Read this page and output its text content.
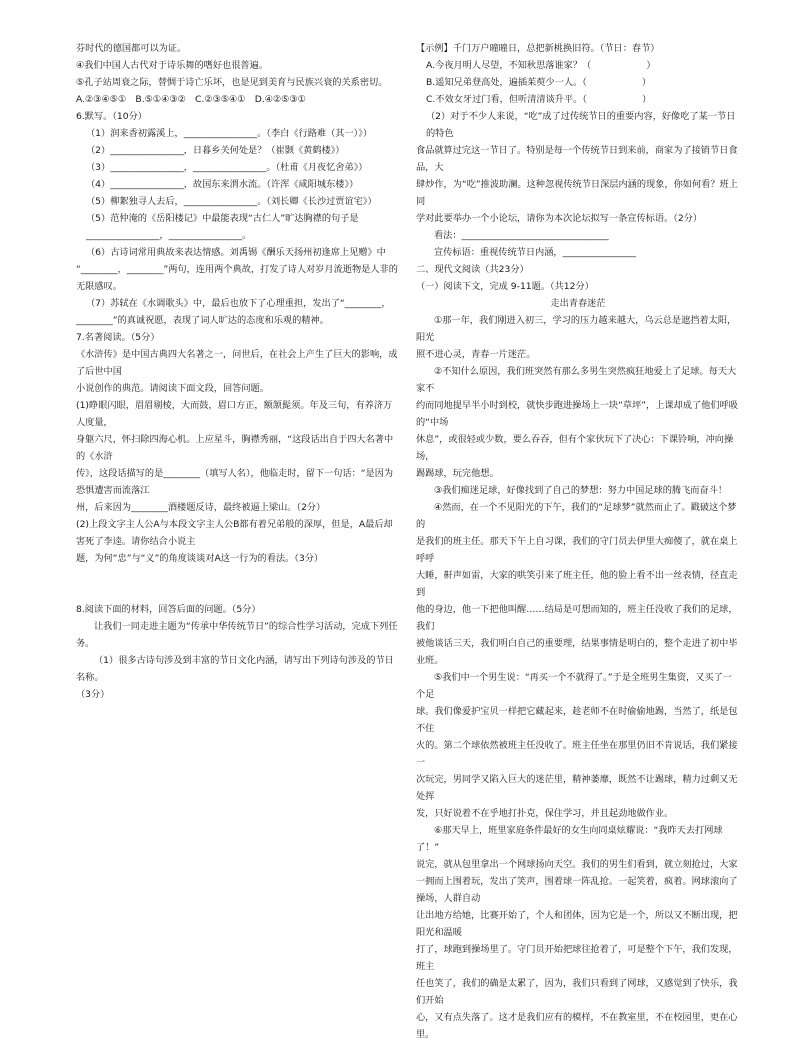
芬时代的德国都可以为证。

④我们中国人古代对于诗乐舞的嗜好也很普遍。

⑤孔子站周衰之际，替惆于诗亡乐坏，也是见到美育与民族兴衰的关系密切。

A.②③④⑤①　B.⑤①④③②　C.②③⑤④①　D.④②⑤③①

6.默写。（10分）

（1）润来香初露溪上，________________。（李白《行路难（其一）》）

（2）________________，日暮乡关何处是？（崔颢《黄鹤楼》）

（3）________________，________________。（杜甫《月夜忆舍弟》）

（4）________________，故国东来渭水流。（许浑《咸阳城东楼》）

（5）柳絮独寻人去后，________________。（刘长卿《长沙过贾谊宅》）

（5）范仲淹的《岳阳楼记》中最能表现“古仁人”旷达胸襟的句子是

________________，________________。

（6）古诗词常用典故来表达情感。刘禹锡《酬乐天扬州初逢席上见赠》中

“________，________”两句，连用两个典故，打发了诗人对岁月流逝物是人非的

无限感叹。

（7）苏轼在《水调歌头》中，最后也放下了心理重担，发出了“________，

________”的真诚祝愿，表现了词人旷达的态度和乐观的精神。

7.名著阅读。（5分）

《水浒传》是中国古典四大名著之一，问世后，在社会上产生了巨大的影响，成了后世中国

小说创作的典范。请阅读下面文段，回答问题。

(1)睁眼闪眼，眉眉剔棱，大而鼓，眉口方正，额颔髭须。年及三旬，有养济万人度量，

身躯六尺，怀扫除四海心机。上应星斗，胸襟秀丽，“这段话出自于四大名著中的《水浒

传》，这段话描写的是________（填写人名），他临走时，留下一句话：“是因为恐惧遭害而流落江

州，后来因为________酒楼题反诗，最终被逼上梁山。（2分）

(2)上段文字主人公A与本段文字主人公B都有着兄弟般的深厚，但是，A最后却害死了李逵。请你结合小说主

题，为何“忠”与“义”的角度谈谈对A这一行为的看法。（3分）

8.阅读下面的材料，回答后面的问题。（5分）

让我们一同走进主题为“传承中华传统节日”的综合性学习活动，完成下列任

务。

（1）很多古诗句涉及到丰富的节日文化内涵，请写出下列诗句涉及的节日名称。

（3分）

【示例】千门万户曈曈日，总把新桃换旧符。（节日：春节）

A.今夜月明人尽望，不知秋思落谁家？（　　　　　　）

B.遥知兄弟登高处，遍插茱萸少一人。（　　　　　　）

C.不效女牙过门看，但听清清谈升平。（　　　　　　）

（2）对于不少人来说，“吃”成了过传统节日的重要内容，好像吃了某一节日的特色

食品就算过完这一节日了。特别是每一个传统节日到来前，商家为了接销节日食品，大

肆炒作，为“吃”推波助澜。这种忽视传统节日深层内涵的现象，你如何看？班上同

学对此要举办一个小论坛，请你为本次论坛拟写一条宣传标语。（2分）

看法：________________________________

宣传标语：重视传统节日内涵，________________

二、现代文阅读（共23分）

（一）阅读下文，完成 9-11题。（共12分）

走出青春迷茫

①那一年，我们刚进入初三，学习的压力越来越大，乌云总是遮挡着太阳，阳光

照不进心灵，青春一片迷茫。

②不知什么原因，我们班突然有那么多男生突然疯狂地爱上了足球。每天大家不

约而同地提早半小时到校，就快步跑进操场上一块“草坪”，上课却成了他们呼吸的“中场

休息”，或很轻或少数，要么吞吞，但有个家伙玩下了决心：下课铃响，冲向操场，

踢踢球，玩完他想。

③我们痴迷足球，好像找到了自己的梦想：努力中国足球的腾飞而奋斗！

④然而，在一个不见阳光的下午，我们的“足球梦”就然而止了。戳破这个梦的

是我们的班主任。那天下午上自习课，我们的守门员去伊里大痴傻了，就在桌上呼呼

大睡，鼾声如雷，大家的哄笑引来了班主任，他的脸上看不出一丝表情，径直走到

他的身边，他一下把他叫醒……结局是可想而知的，班主任没收了我们的足球，我们

被他谈话三天，我们明白自己的重要理，结果事情是明白的，整个走进了初中毕业班。

⑤我们中一个男生说：“再买一个不就得了。”于是全班男生集资，又买了一个足

球。我们像爱护宝贝一样把它藏起来，趁老师不在时偷偷地踢，当然了，纸是包不住

火的。第二个球依然被班主任没收了。班主任坐在那里仍旧不肯说话，我们紧接一

次玩完，男同学又陷入巨大的迷茫里，精神萎靡，既然不让踢球，精力过剩又无处挥

发，只好说着不在乎地打扑克，保住学习，并且起劲地做作业。

⑥那天早上，班里家庭条件最好的女生向同桌炫耀说：“我昨天去打网球了！”

说完，就从包里拿出一个网球扬向天空。我们的男生们看到，就立刻抢过，大家

一拥而上围着玩，发出了笑声，围着球一阵乱抢。一起笑着，疯着。网球滚向了操场，人群自动

让出地方给她，比赛开始了，个人和团体，因为它是一个，所以又不断出现，把阳光和温暖

打了，球跑到操场里了。守门员开始把球往抢着了，可是整个下午，我们发现，班主

任也笑了，我们的确是太累了，因为，我们只看到了网球，又感觉到了快乐，我们开始

心，又有点失落了。这才是我们应有的模样，不在教室里，不在校园里，更在心里。
